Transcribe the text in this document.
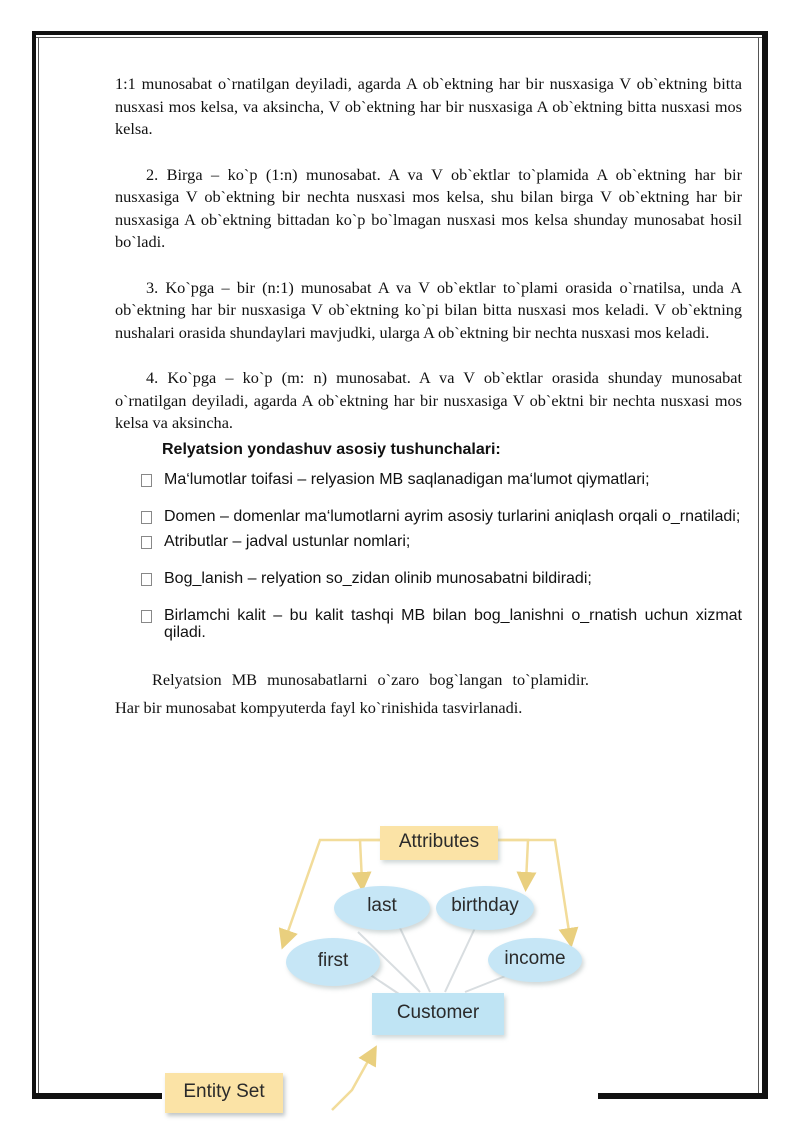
1:1 munosabat o`rnatilgan deyiladi, agarda A ob`ektning har bir nusxasiga V ob`ektning bitta nusxasi mos kelsa, va aksincha, V ob`ektning har bir nusxasiga A ob`ektning bitta nusxasi mos kelsa.

2. Birga – ko`p (1:n) munosabat. A va V ob`ektlar to`plamida A ob`ektning har bir nusxasiga V ob`ektning bir nechta nusxasi mos kelsa, shu bilan birga V ob`ektning har bir nusxasiga A ob`ektning bittadan ko`p bo`lmagan nusxasi mos kelsa shunday munosabat hosil bo`ladi.

3. Ko`pga – bir (n:1) munosabat A va V ob`ektlar to`plami orasida o`rnatilsa, unda A ob`ektning har bir nusxasiga V ob`ektning ko`pi bilan bitta nusxasi mos keladi. V ob`ektning nushalari orasida shundaylari mavjudki, ularga A ob`ektning bir nechta nusxasi mos keladi.

4. Ko`pga – ko`p (m: n) munosabat. A va V ob`ektlar orasida shunday munosabat o`rnatilgan deyiladi, agarda A ob`ektning har bir nusxasiga V ob`ektni bir nechta nusxasi mos kelsa va aksincha.

Relyatsion yondashuv asosiy tushunchalari:
Ma‘lumotlar toifasi – relyasion MB saqlanadigan ma‘lumot qiymatlari;
Domen – domenlar ma‘lumotlarni ayrim asosiy turlarini aniqlash orqali o_rnatiladi;
Atributlar – jadval ustunlar nomlari;
Bog_lanish – relyation so_zidan olinib munosabatni bildiradi;
Birlamchi kalit – bu kalit tashqi MB bilan bog_lanishni o_rnatish uchun xizmat qiladi.

Relyatsion MB munosabatlarni o`zaro bog`langan to`plamidir.

Har bir munosabat kompyuterda fayl ko`rinishida tasvirlanadi.

Attributes
last	birthday
first	income
Customer
Entity Set
